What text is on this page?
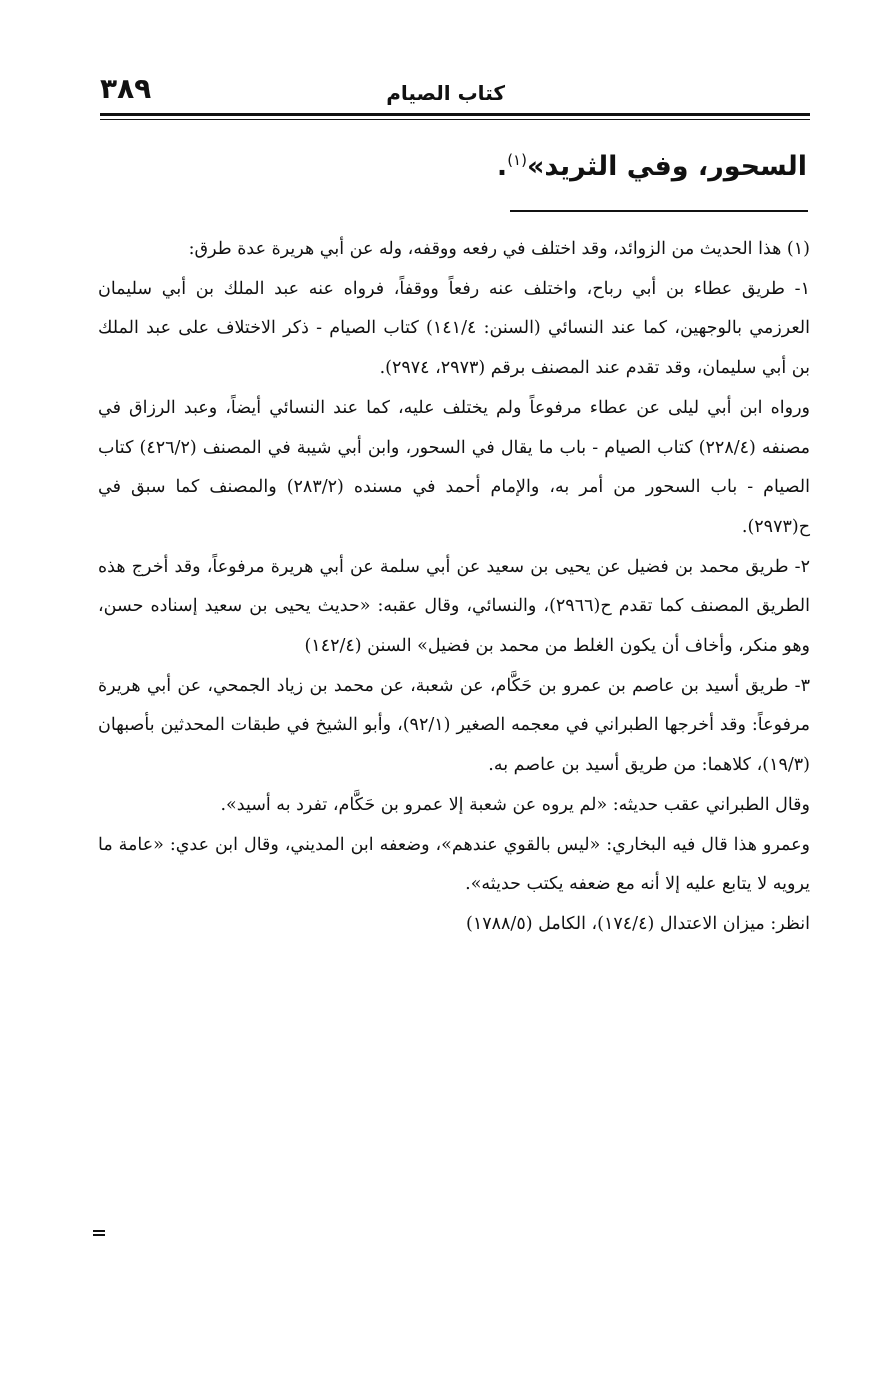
٣٨٩	كتاب الصيام
السحور، وفي الثريد»$^{(١)}$.

(١) هذا الحديث من الزوائد، وقد اختلف في رفعه ووقفه، وله عن أبي هريرة عدة طرق:

١- طريق عطاء بن أبي رباح، واختلف عنه رفعاً ووقفاً، فرواه عنه عبد الملك بن أبي سليمان العرزمي بالوجهين، كما عند النسائي (السنن: ١٤١/٤) كتاب الصيام - ذكر الاختلاف على عبد الملك بن أبي سليمان، وقد تقدم عند المصنف برقم (٢٩٧٣، ٢٩٧٤).

ورواه ابن أبي ليلى عن عطاء مرفوعاً ولم يختلف عليه، كما عند النسائي أيضاً، وعبد الرزاق في مصنفه (٢٢٨/٤) كتاب الصيام - باب ما يقال في السحور، وابن أبي شيبة في المصنف (٤٢٦/٢) كتاب الصيام - باب السحور من أمر به، والإمام أحمد في مسنده (٢٨٣/٢) والمصنف كما سبق في ح(٢٩٧٣).

٢- طريق محمد بن فضيل عن يحيى بن سعيد عن أبي سلمة عن أبي هريرة مرفوعاً، وقد أخرج هذه الطريق المصنف كما تقدم ح(٢٩٦٦)، والنسائي، وقال عقبه: «حديث يحيى بن سعيد إسناده حسن، وهو منكر، وأخاف أن يكون الغلط من محمد بن فضيل» السنن (١٤٢/٤)

٣- طريق أسيد بن عاصم بن عمرو بن حَكَّام، عن شعبة، عن محمد بن زياد الجمحي، عن أبي هريرة مرفوعاً: وقد أخرجها الطبراني في معجمه الصغير (٩٢/١)، وأبو الشيخ في طبقات المحدثين بأصبهان (١٩/٣)، كلاهما: من طريق أسيد بن عاصم به.

وقال الطبراني عقب حديثه: «لم يروه عن شعبة إلا عمرو بن حَكَّام، تفرد به أسيد».

وعمرو هذا قال فيه البخاري: «ليس بالقوي عندهم»، وضعفه ابن المديني، وقال ابن عدي: «عامة ما يرويه لا يتابع عليه إلا أنه مع ضعفه يكتب حديثه».

انظر: ميزان الاعتدال (١٧٤/٤)، الكامل (١٧٨٨/٥)
